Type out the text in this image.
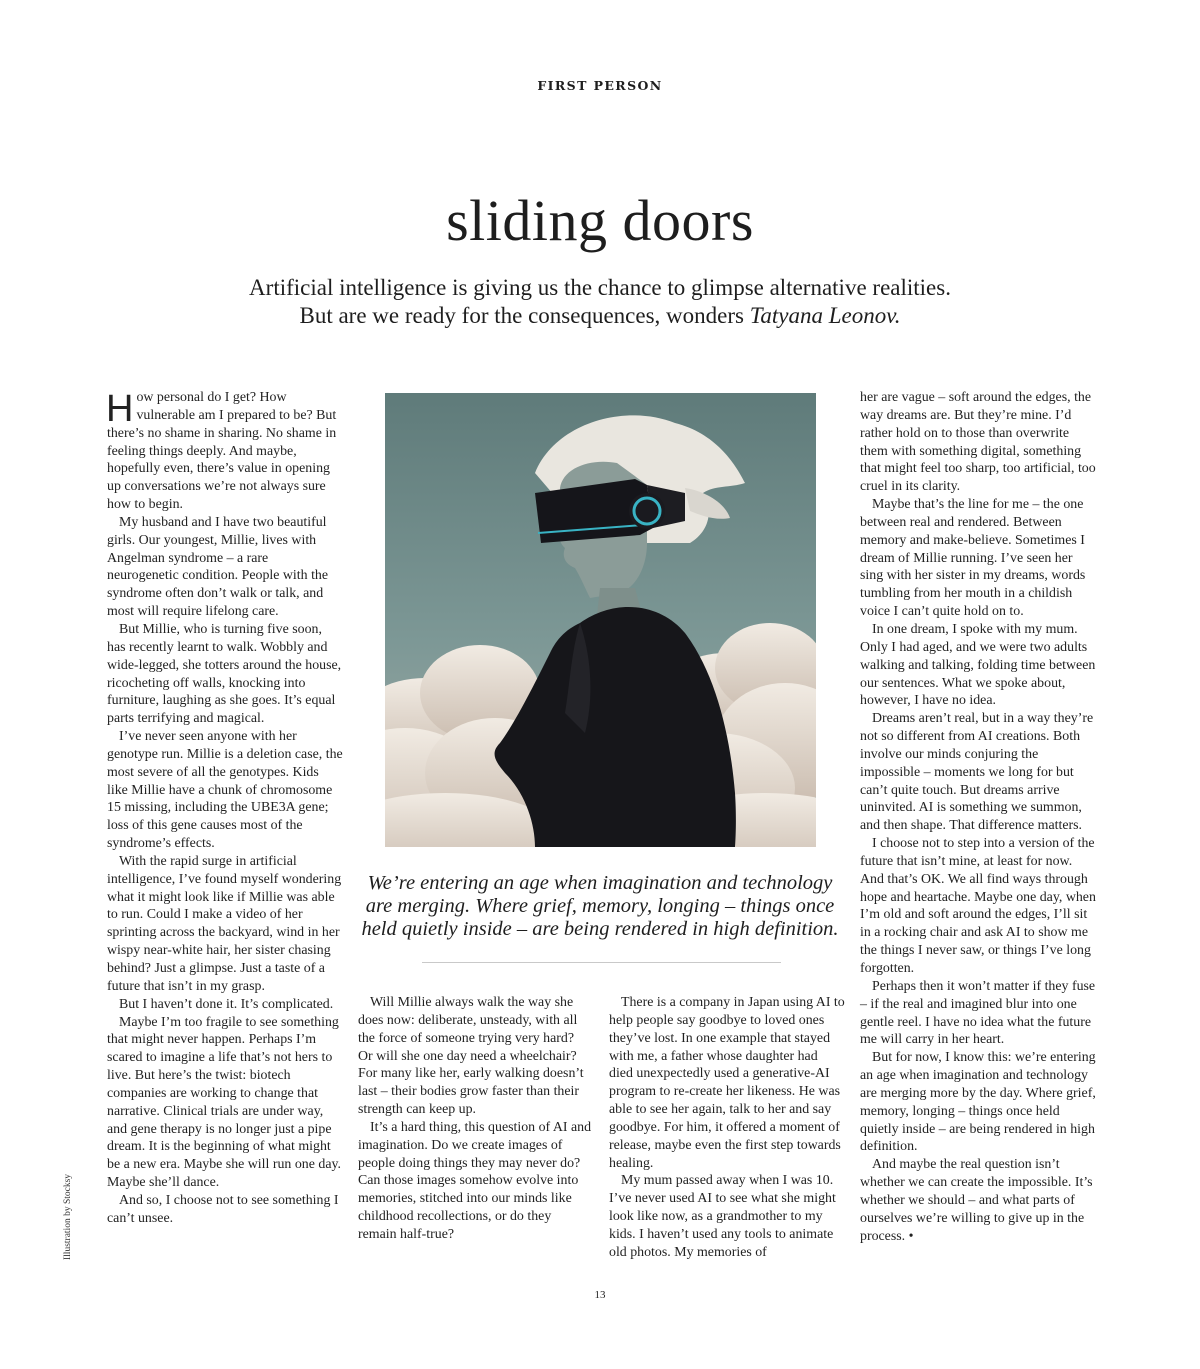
FIRST PERSON
sliding doors
Artificial intelligence is giving us the chance to glimpse alternative realities.
But are we ready for the consequences, wonders Tatyana Leonov.

How personal do I get? How vulnerable am I prepared to be? But there’s no shame in sharing. No shame in feeling things deeply. And maybe, hopefully even, there’s value in opening up conversations we’re not always sure how to begin.

My husband and I have two beautiful girls. Our youngest, Millie, lives with Angelman syndrome – a rare neurogenetic condition. People with the syndrome often don’t walk or talk, and most will require lifelong care.

But Millie, who is turning five soon, has recently learnt to walk. Wobbly and wide-legged, she totters around the house, ricocheting off walls, knocking into furniture, laughing as she goes. It’s equal parts terrifying and magical.

I’ve never seen anyone with her genotype run. Millie is a deletion case, the most severe of all the genotypes. Kids like Millie have a chunk of chromosome 15 missing, including the UBE3A gene; loss of this gene causes most of the syndrome’s effects.

With the rapid surge in artificial intelligence, I’ve found myself wondering what it might look like if Millie was able to run. Could I make a video of her sprinting across the backyard, wind in her wispy near-white hair, her sister chasing behind? Just a glimpse. Just a taste of a future that isn’t in my grasp.

But I haven’t done it. It’s complicated.

Maybe I’m too fragile to see something that might never happen. Perhaps I’m scared to imagine a life that’s not hers to live. But here’s the twist: biotech companies are working to change that narrative. Clinical trials are under way, and gene therapy is no longer just a pipe dream. It is the beginning of what might be a new era. Maybe she will run one day. Maybe she’ll dance.

And so, I choose not to see something I can’t unsee.

We’re entering an age when imagination and technology are merging. Where grief, memory, longing – things once held quietly inside – are being rendered in high definition.

Will Millie always walk the way she does now: deliberate, unsteady, with all the force of someone trying very hard? Or will she one day need a wheelchair? For many like her, early walking doesn’t last – their bodies grow faster than their strength can keep up.

It’s a hard thing, this question of AI and imagination. Do we create images of people doing things they may never do? Can those images somehow evolve into memories, stitched into our minds like childhood recollections, or do they remain half-true?

There is a company in Japan using AI to help people say goodbye to loved ones they’ve lost. In one example that stayed with me, a father whose daughter had died unexpectedly used a generative-AI program to re-create her likeness. He was able to see her again, talk to her and say goodbye. For him, it offered a moment of release, maybe even the first step towards healing.

My mum passed away when I was 10. I’ve never used AI to see what she might look like now, as a grandmother to my kids. I haven’t used any tools to animate old photos. My memories of

her are vague – soft around the edges, the way dreams are. But they’re mine. I’d rather hold on to those than overwrite them with something digital, something that might feel too sharp, too artificial, too cruel in its clarity.

Maybe that’s the line for me – the one between real and rendered. Between memory and make-believe. Sometimes I dream of Millie running. I’ve seen her sing with her sister in my dreams, words tumbling from her mouth in a childish voice I can’t quite hold on to.

In one dream, I spoke with my mum. Only I had aged, and we were two adults walking and talking, folding time between our sentences. What we spoke about, however, I have no idea.

Dreams aren’t real, but in a way they’re not so different from AI creations. Both involve our minds conjuring the impossible – moments we long for but can’t quite touch. But dreams arrive uninvited. AI is something we summon, and then shape. That difference matters.

I choose not to step into a version of the future that isn’t mine, at least for now. And that’s OK. We all find ways through hope and heartache. Maybe one day, when I’m old and soft around the edges, I’ll sit in a rocking chair and ask AI to show me the things I never saw, or things I’ve long forgotten.

Perhaps then it won’t matter if they fuse – if the real and imagined blur into one gentle reel. I have no idea what the future me will carry in her heart.

But for now, I know this: we’re entering an age when imagination and technology are merging more by the day. Where grief, memory, longing – things once held quietly inside – are being rendered in high definition.

And maybe the real question isn’t whether we can create the impossible. It’s whether we should – and what parts of ourselves we’re willing to give up in the process. •

Illustration by Stocksy
13
